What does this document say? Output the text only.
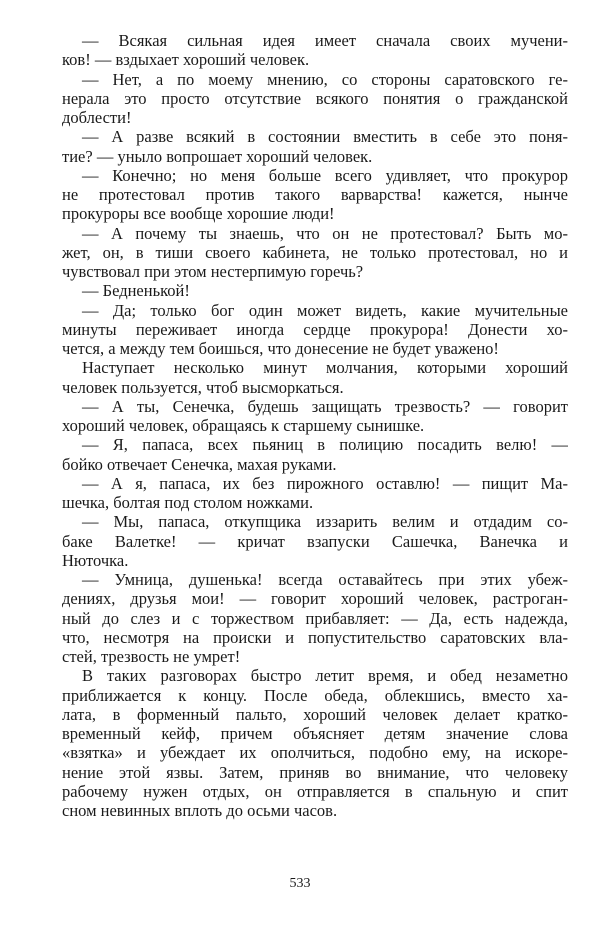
— Всякая сильная идея имеет сначала своих мучени-
ков! — вздыхает хороший человек.
— Нет, а по моему мнению, со стороны саратовского ге-
нерала это просто отсутствие всякого понятия о гражданской
доблести!
— А разве всякий в состоянии вместить в себе это поня-
тие? — уныло вопрошает хороший человек.
— Конечно; но меня больше всего удивляет, что прокурор
не протестовал против такого варварства! кажется, нынче
прокуроры все вообще хорошие люди!
— А почему ты знаешь, что он не протестовал? Быть мо-
жет, он, в тиши своего кабинета, не только протестовал, но и
чувствовал при этом нестерпимую горечь?
— Бедненькой!
— Да; только бог один может видеть, какие мучительные
минуты переживает иногда сердце прокурора! Донести хо-
чется, а между тем боишься, что донесение не будет уважено!
Наступает несколько минут молчания, которыми хороший
человек пользуется, чтоб высморкаться.
— А ты, Сенечка, будешь защищать трезвость? — говорит
хороший человек, обращаясь к старшему сынишке.
— Я, папаса, всех пьяниц в полицию посадить велю! —
бойко отвечает Сенечка, махая руками.
— А я, папаса, их без пирожного оставлю! — пищит Ма-
шечка, болтая под столом ножками.
— Мы, папаса, откупщика иззарить велим и отдадим со-
баке Валетке! — кричат взапуски Сашечка, Ванечка и
Нюточка.
— Умница, душенька! всегда оставайтесь при этих убеж-
дениях, друзья мои! — говорит хороший человек, растроган-
ный до слез и с торжеством прибавляет: — Да, есть надежда,
что, несмотря на происки и попустительство саратовских вла-
стей, трезвость не умрет!
В таких разговорах быстро летит время, и обед незаметно
приближается к концу. После обеда, облекшись, вместо ха-
лата, в форменный пальто, хороший человек делает кратко-
временный кейф, причем объясняет детям значение слова
«взятка» и убеждает их ополчиться, подобно ему, на искоре-
нение этой язвы. Затем, приняв во внимание, что человеку
рабочему нужен отдых, он отправляется в спальную и спит
сном невинных вплоть до осьми часов.
533
